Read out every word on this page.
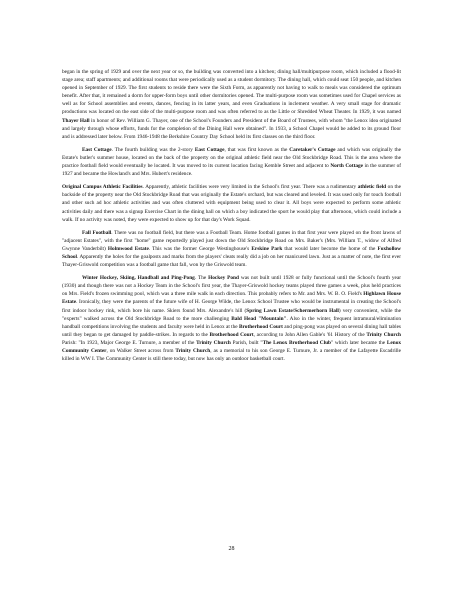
began in the spring of 1929 and over the next year or so, the building was converted into a kitchen; dining hall/multipurpose room, which included a flood-lit stage area; staff apartments; and additional rooms that were periodically used as a student dormitory. The dining hall, which could seat 150 people, and kitchen opened in September of 1929. The first students to reside there were the Sixth Form, as apparently not having to walk to meals was considered the optimum benefit. After that, it remained a dorm for upper-form boys until other dormitories opened. The multi-purpose room was sometimes used for Chapel services as well as for School assemblies and events, dances, fencing in its latter years, and even Graduations in inclement weather. A very small stage for dramatic productions was located on the east side of the multi-purpose room and was often referred to as the Little or Shredded Wheat Theater. In 1929, it was named Thayer Hall in honor of Rev. William G. Thayer, one of the School's Founders and President of the Board of Trustees, with whom "the Lenox idea originated and largely through whose efforts, funds for the completion of the Dining Hall were obtained". In 1933, a School Chapel would be added to its ground floor and is addressed later below. From 1946-1948 the Berkshire Country Day School held its first classes on the third floor.

East Cottage. The fourth building was the 2-story East Cottage, that was first known as the Caretaker's Cottage and which was originally the Estate's butler's summer house, located on the back of the property on the original athletic field near the Old Stockbridge Road. This is the area where the practice football field would eventually be located. It was moved to its current location facing Kemble Street and adjacent to North Cottage in the summer of 1927 and became the Howland's and Mrs. Hubert's residence.

Original Campus Athletic Facilities. Apparently, athletic facilities were very limited in the School's first year. There was a rudimentary athletic field on the backside of the property near the Old Stockbridge Road that was originally the Estate's orchard, but was cleared and leveled. It was used only for touch football and other such ad hoc athletic activities and was often cluttered with equipment being used to clear it. All boys were expected to perform some athletic activities daily and there was a signup Exercise Chart in the dining hall on which a boy indicated the sport he would play that afternoon, which could include a walk. If no activity was noted, they were expected to show up for that day's Work Squad.

Fall Football. There was no football field, but there was a Football Team. Home football games in that first year were played on the front lawns of "adjacent Estates", with the first "home" game reportedly played just down the Old Stockbridge Road on Mrs. Baker's (Mrs. William T., widow of Alfred Gwynne Vanderbilt) Holmwood Estate. This was the former George Westinghouse's Erskine Park that would later become the home of the Foxhollow School. Apparently the holes for the goalposts and marks from the players' cleats really did a job on her manicured lawn. Just as a matter of note, the first ever Thayer-Griswold competition was a football game that fall, won by the Griswold team.

Winter Hockey, Skiing, Handball and Ping-Pong. The Hockey Pond was not built until 1928 or fully functional until the School's fourth year (1930) and though there was not a Hockey Team in the School's first year, the Thayer-Griswold hockey teams played three games a week, plus held practices on Mrs. Field's frozen swimming pool, which was a three mile walk in each direction. This probably refers to Mr. and Mrs. W. B. O. Field's Highlawn House Estate. Ironically, they were the parents of the future wife of H. George Wilde, the Lenox School Trustee who would be instrumental in creating the School's first indoor hockey rink, which bore his name. Skiers found Mrs. Alexandre's hill (Spring Lawn Estate/Schermerhorn Hall) very convenient, while the "experts" walked across the Old Stockbridge Road to the more challenging Bald Head "Mountain". Also in the winter, frequent intramural/elimination handball competitions involving the students and faculty were held in Lenox at the Brotherhood Court and ping-pong was played on several dining hall tables until they began to get damaged by paddle-strikes. In regards to the Brotherhood Court, according to John Allen Gable's '61 History of the Trinity Church Parish: "In 1923, Major George E. Turnure, a member of the Trinity Church Parish, built "The Lenox Brotherhood Club" which later became the Lenox Community Center, on Walker Street across from Trinity Church, as a memorial to his son George E. Turnure, Jr. a member of the Lafayette Escadrille killed in WW I. The Community Center is still there today, but now has only an outdoor basketball court.

28
